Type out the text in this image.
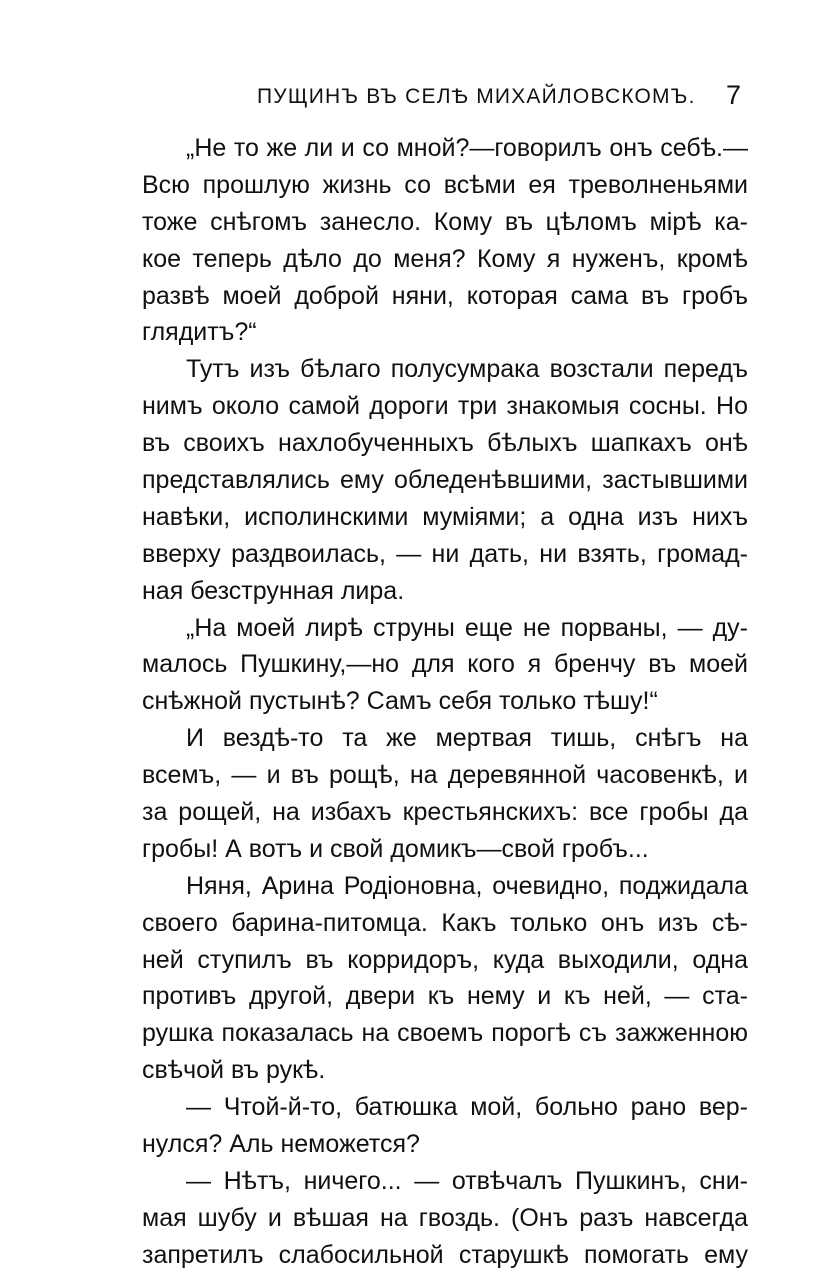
ПУЩИНЪ ВЪ СЕЛѢ МИХАЙЛОВСКОМЪ. 7
„Не то же ли и со мной?—говорилъ онъ себѣ.—
Всю прошлую жизнь со всѣми ея треволненьями
тоже снѣгомъ занесло. Кому въ цѣломъ мірѣ ка-
кое теперь дѣло до меня? Кому я нуженъ, кромѣ
развѣ моей доброй няни, которая сама въ гробъ
глядитъ?“
Тутъ изъ бѣлаго полусумрака возстали передъ
нимъ около самой дороги три знакомыя сосны. Но
въ своихъ нахлобученныхъ бѣлыхъ шапкахъ онѣ
представлялись ему обледенѣвшими, застывшими
навѣки, исполинскими муміями; а одна изъ нихъ
вверху раздвоилась, — ни дать, ни взять, громад-
ная безструнная лира.
„На моей лирѣ струны еще не порваны, — ду-
малось Пушкину,—но для кого я бренчу въ моей
снѣжной пустынѣ? Самъ себя только тѣшу!“
И вездѣ-то та же мертвая тишь, снѣгъ на
всемъ, — и въ рощѣ, на деревянной часовенкѣ, и
за рощей, на избахъ крестьянскихъ: все гробы да
гробы! А вотъ и свой домикъ—свой гробъ...
Няня, Арина Родіоновна, очевидно, поджидала
своего барина-питомца. Какъ только онъ изъ сѣ-
ней ступилъ въ корридоръ, куда выходили, одна
противъ другой, двери къ нему и къ ней, — ста-
рушка показалась на своемъ порогѣ съ зажженною
свѣчой въ рукѣ.
— Чтой-й-то, батюшка мой, больно рано вер-
нулся? Аль неможется?
— Нѣтъ, ничего... — отвѣчалъ Пушкинъ, сни-
мая шубу и вѣшая на гвоздь. (Онъ разъ навсегда
запретилъ слабосильной старушкѣ помогать ему
